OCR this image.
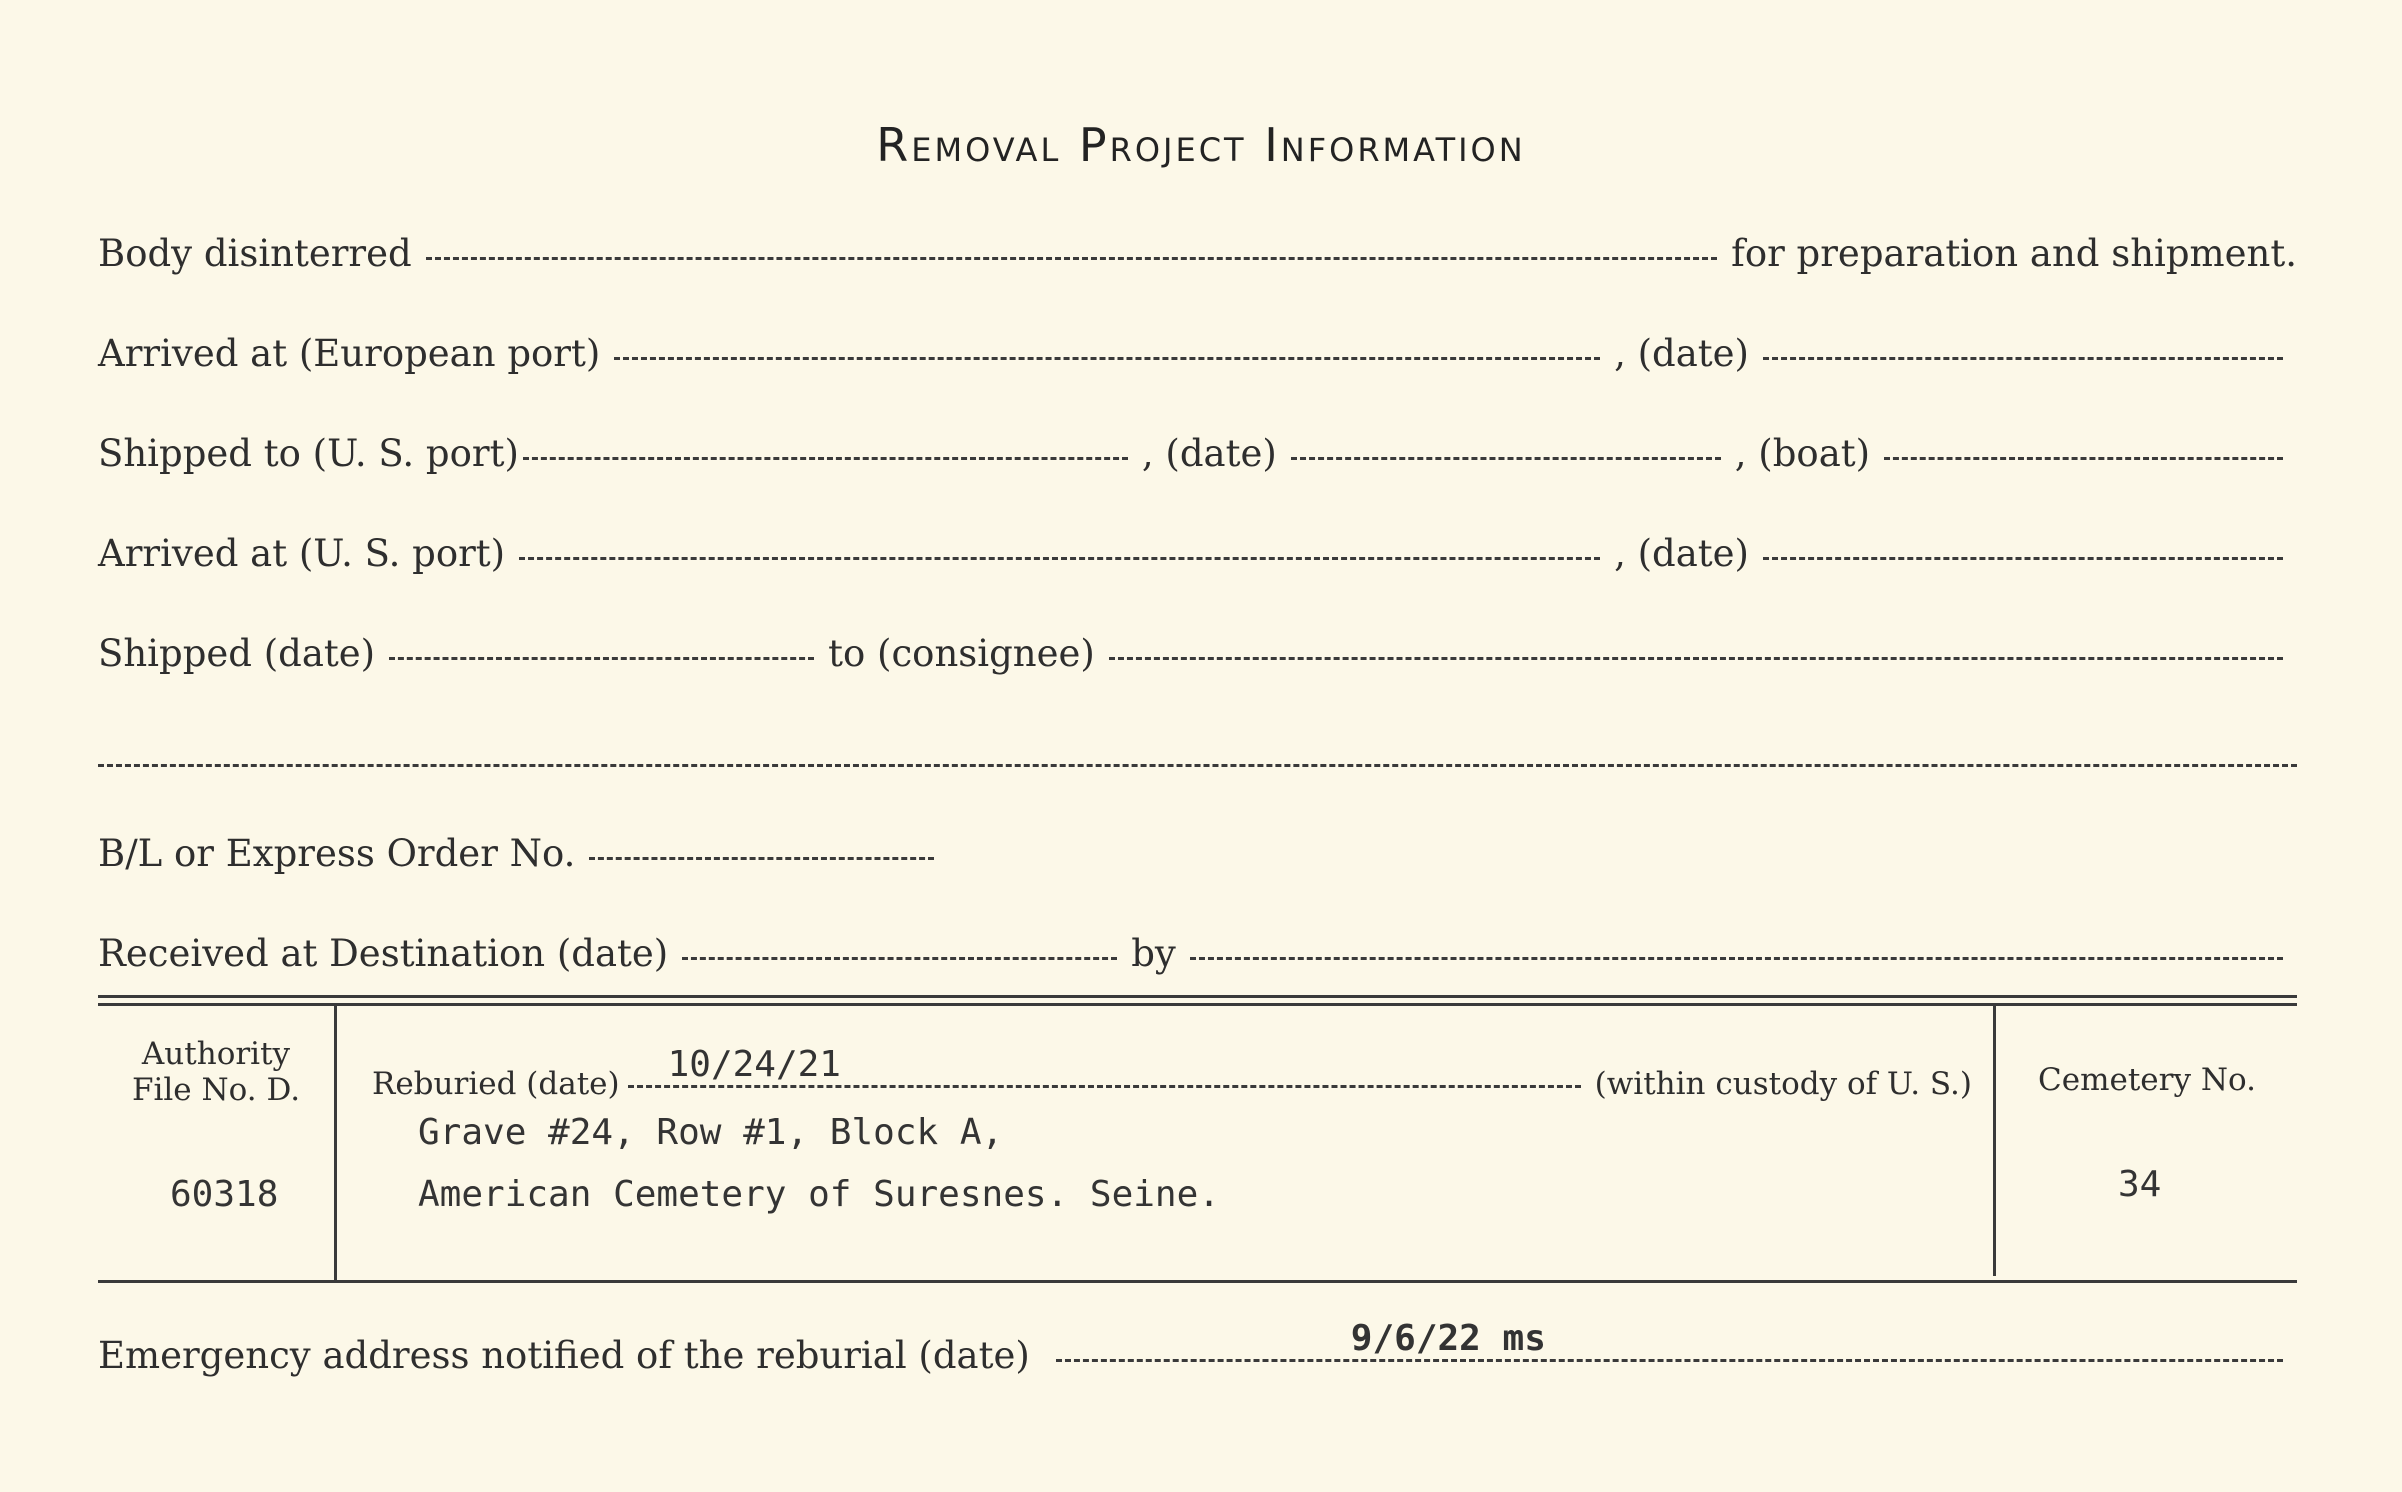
Removal Project Information
Body disinterred	for preparation and shipment.
Arrived at (European port)	, (date)
Shipped to (U. S. port)	, (date)	, (boat)
Arrived at (U. S. port)	, (date)
Shipped (date)	to (consignee)
B/L or Express Order No.
Received at Destination (date)	by
Authority
File No. D.
60318
Reburied (date)	10/24/21	(within custody of U. S.)
Grave #24, Row #1, Block A,
American Cemetery of Suresnes. Seine.
Cemetery No.
34
Emergency address notified of the reburial (date)	9/6/22 ms
